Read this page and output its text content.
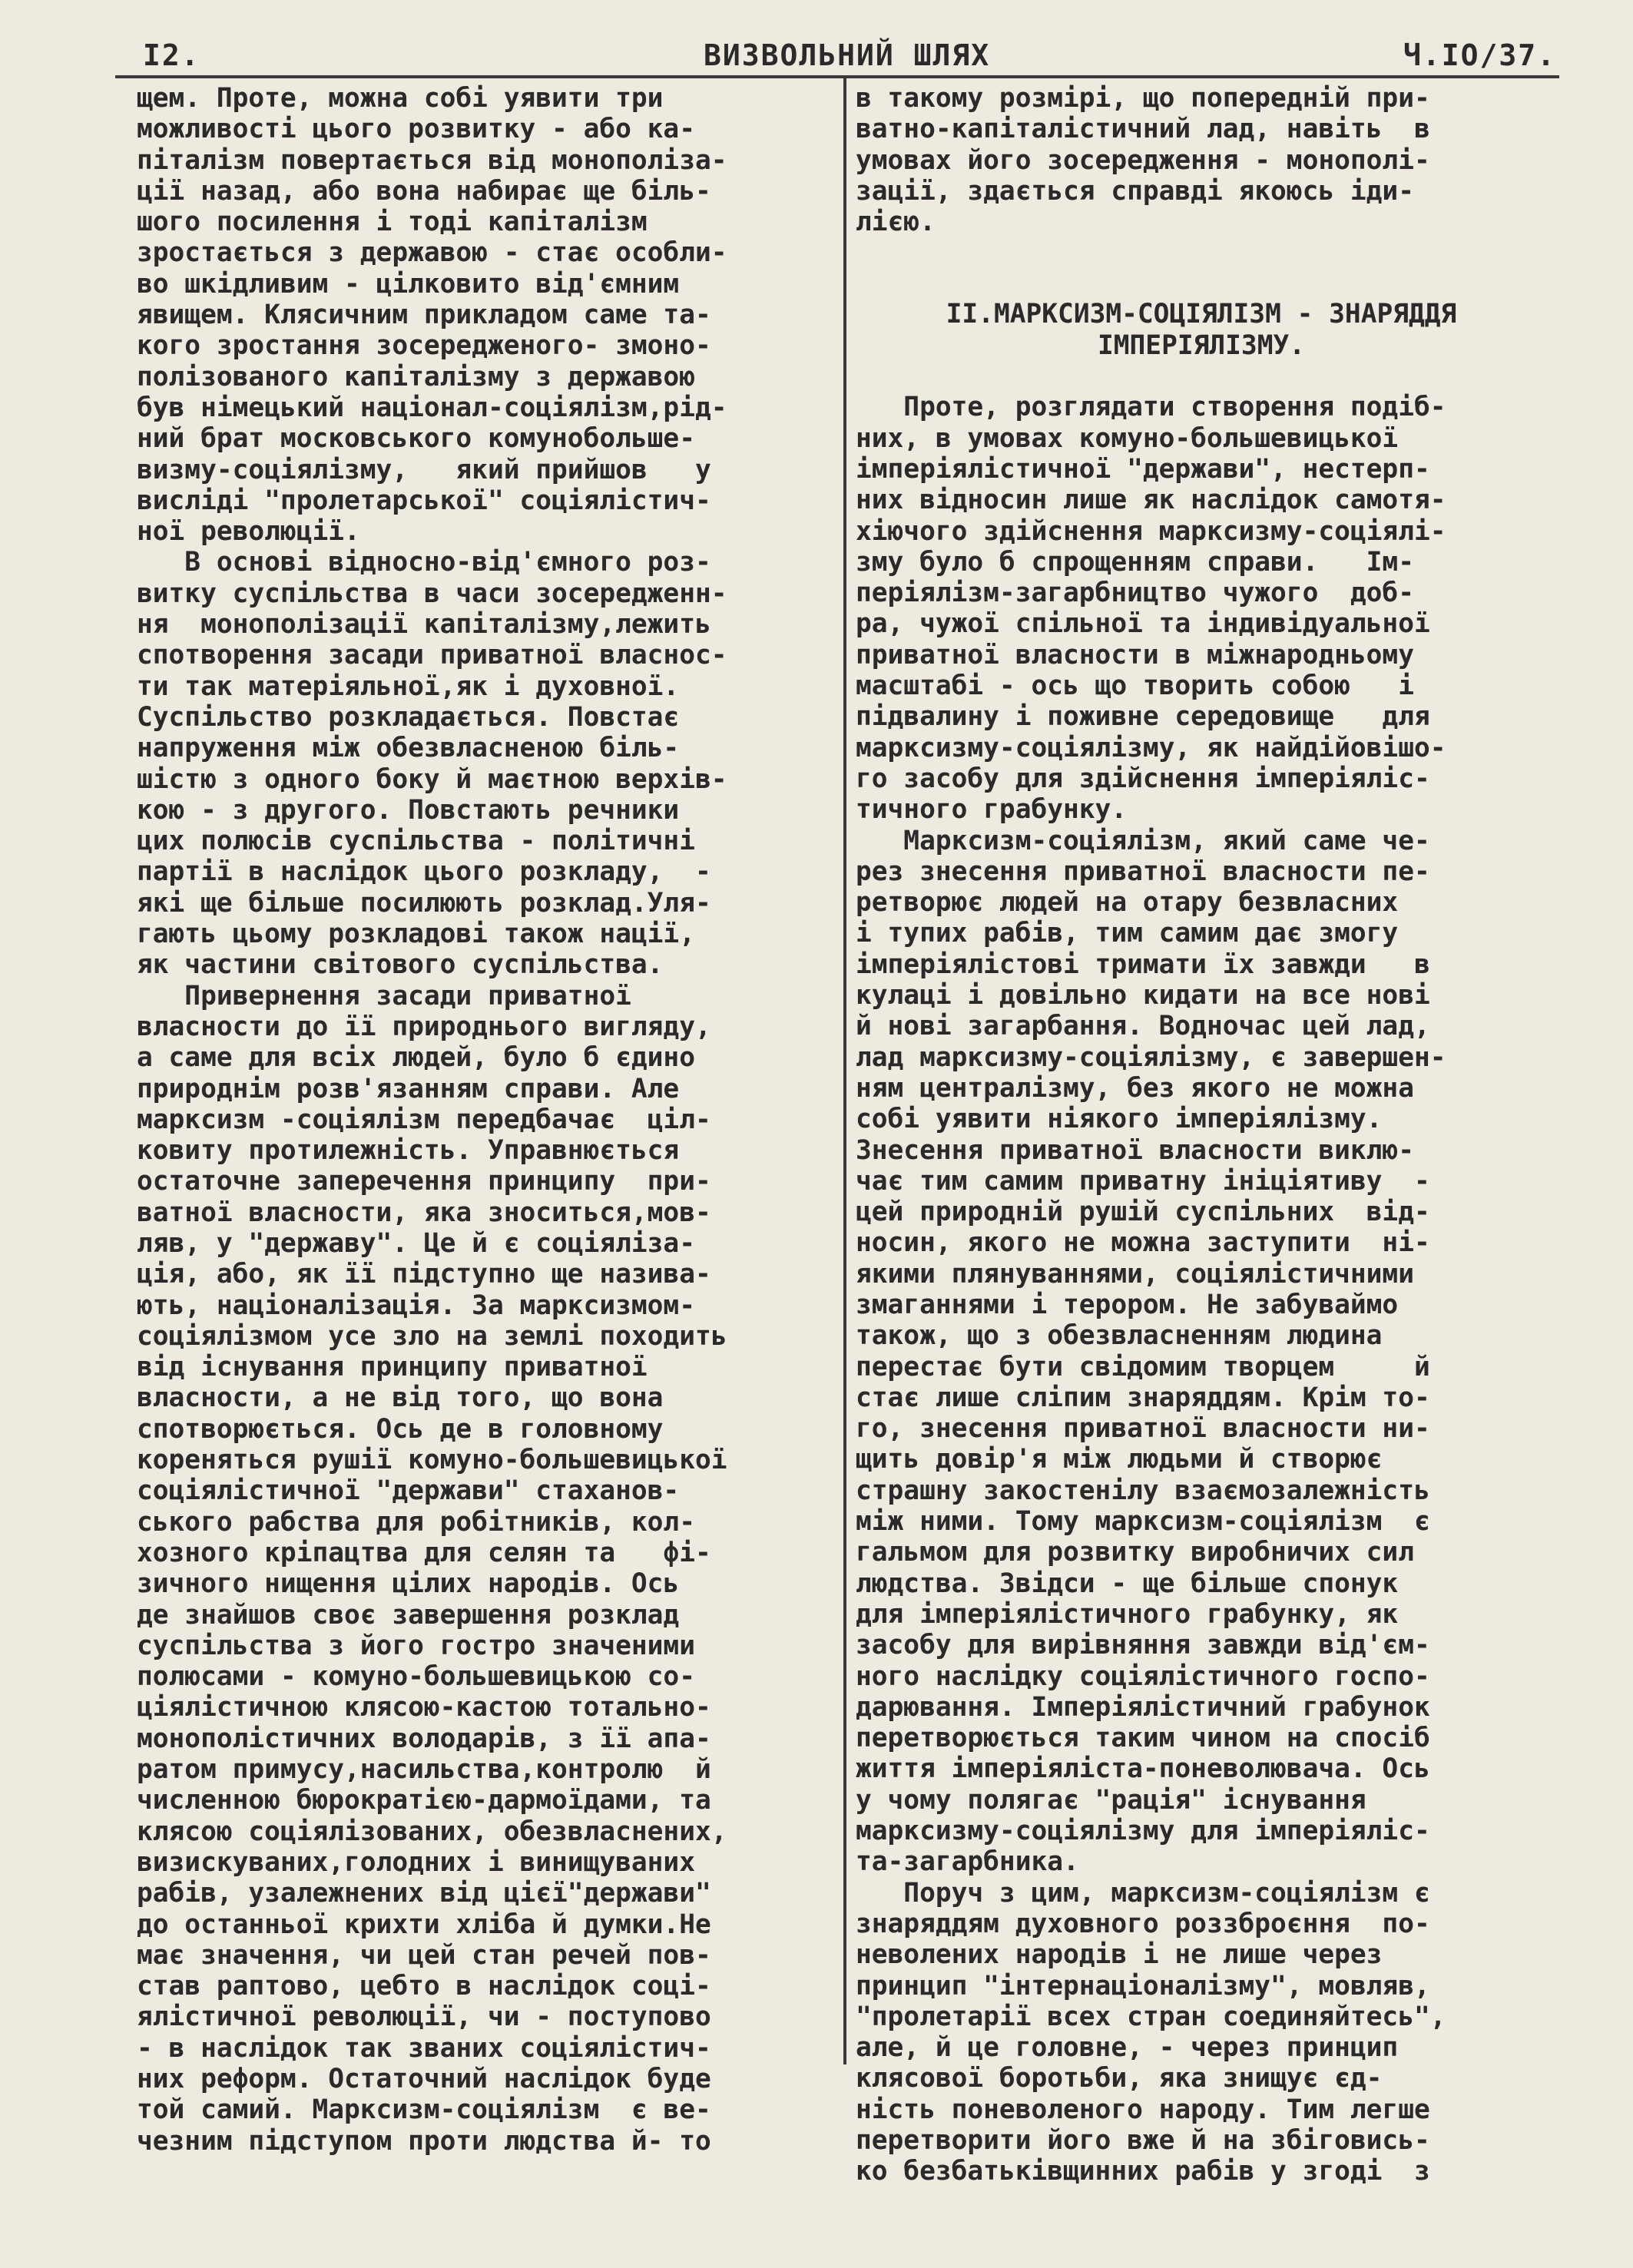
I2.	ВИЗВОЛЬНИЙ ШЛЯХ	Ч.IO/37.
щем. Проте, можна собі уявити три
можливості цього розвитку - або ка-
піталізм повертається від монополіза-
ції назад, або вона набирає ще біль-
шого посилення і тоді капіталізм
зростається з державою - стає особли-
во шкідливим - цілковито від'ємним
явищем. Клясичним прикладом саме та-
кого зростання зосередженого- змоно-
полізованого капіталізму з державою
був німецький націонал-соціялізм,рід-
ний брат московського комунобольше-
визму-соціялізму,   який прийшов   у
висліді "пролетарської" соціялістич-
ної революції.
В основі відносно-від'ємного роз-
витку суспільства в часи зосередженн-
ня  монополізації капіталізму,лежить
спотворення засади приватної власнос-
ти так матеріяльної,як і духовної.
Суспільство розкладається. Повстає
напруження між обезвласненою біль-
шістю з одного боку й маєтною верхів-
кою - з другого. Повстають речники
цих полюсів суспільства - політичні
партії в наслідок цього розкладу,  -
які ще більше посилюють розклад.Уля-
гають цьому розкладові також нації,
як частини світового суспільства.
Привернення засади приватної
власности до її природнього вигляду,
а саме для всіх людей, було б єдино
природнім розв'язанням справи. Але
марксизм -соціялізм передбачає  ціл-
ковиту протилежність. Управнюється
остаточне заперечення принципу  при-
ватної власности, яка зноситься,мов-
ляв, у "державу". Це й є соціялізa-
ція, або, як її підступно ще назива-
ють, націоналізація. За марксизмом-
соціялізмом усе зло на землі походить
від існування принципу приватної
власности, а не від того, що вона
спотворюється. Ось де в головному
кореняться рушії комуно-большевицької
соціялістичної "держави" стаханов-
ського рабства для робітників, кол-
хозного кріпацтва для селян та   фі-
зичного нищення цілих народів. Ось
де знайшов своє завершення розклад
суспільства з його гостро значеними
полюсами - комуно-большевицькою со-
ціялістичною клясою-кастою тотально-
монополістичних володарів, з її апа-
ратом примусу,насильства,контролю  й
численною бюрократією-дармоїдами, та
клясою соціялізованих, обезвласнених,
визискуваних,голодних і винищуваних
рабів, узалежнених від цієї"держави"
до останньої крихти хліба й думки.Не
має значення, чи цей стан речей пов-
став раптово, цебто в наслідок соці-
ялістичної революції, чи - поступово
- в наслідок так званих соціялістич-
них реформ. Остаточний наслідок буде
той самий. Марксизм-соціялізм  є ве-
чезним підступом проти людства й- то
в такому розмірі, що попередній при-
ватно-капіталістичний лад, навіть  в
умовах його зосередження - монополі-
зації, здається справді якоюсь іди-
лією.
II.МАРКСИЗМ-СОЦІЯЛІЗМ - ЗНАРЯДДЯ
ІМПЕРІЯЛІЗМУ.
Проте, розглядати створення подіб-
них, в умовах комуно-большевицької
імперіялістичної "держави", нестерп-
них відносин лише як наслідок самотя-
хіючого здійснення марксизму-соціялі-
зму було б спрощенням справи.   Ім-
періялізм-загарбництво чужого  доб-
ра, чужої спільної та індивідуальної
приватної власности в міжнародньому
масштабі - ось що творить собою   і
підвалину і поживне середовище   для
марксизму-соціялізму, як найдійовішо-
го засобу для здійснення імперіяліс-
тичного грабунку.
Марксизм-соціялізм, який саме че-
рез знесення приватної власности пе-
ретворює людей на отару безвласних
і тупих рабів, тим самим дає змогу
імперіялістові тримати їх завжди   в
кулаці і довільно кидати на все нові
й нові загарбання. Водночас цей лад,
лад марксизму-соціялізму, є завершен-
ням централізму, без якого не можна
собі уявити ніякого імперіялізму.
Знесення приватної власности виклю-
чає тим самим приватну ініціятиву  -
цей природній рушій суспільних  від-
носин, якого не можна заступити  ні-
якими плянуваннями, соціялістичними
змаганнями і терором. Не забуваймо
також, що з обезвласненням людина
перестає бути свідомим творцем     й
стає лише сліпим знаряддям. Крім то-
го, знесення приватної власности ни-
щить довір'я між людьми й створює
страшну закостенілу взаємозалежність
між ними. Тому марксизм-соціялізм  є
гальмом для розвитку виробничих сил
людства. Звідси - ще більше спонук
для імперіялістичного грабунку, як
засобу для вирівняння завжди від'єм-
ного наслідку соціялістичного госпо-
дарювання. Імперіялістичний грабунок
перетворюється таким чином на спосіб
життя імперіяліста-поневолювача. Ось
у чому полягає "рація" існування
марксизму-соціялізму для імперіяліс-
та-загарбника.
Поруч з цим, марксизм-соціялізм є
знаряддям духовного роззброєння  по-
неволених народів і не лише через
принцип "інтернаціоналізму", мовляв,
"пролетарії всех стран соединяйтесь",
але, й це головне, - через принцип
клясової боротьби, яка знищує єд-
ність поневоленого народу. Тим легше
перетворити його вже й на збіговись-
ко безбатьківщинних рабів у згоді  з
